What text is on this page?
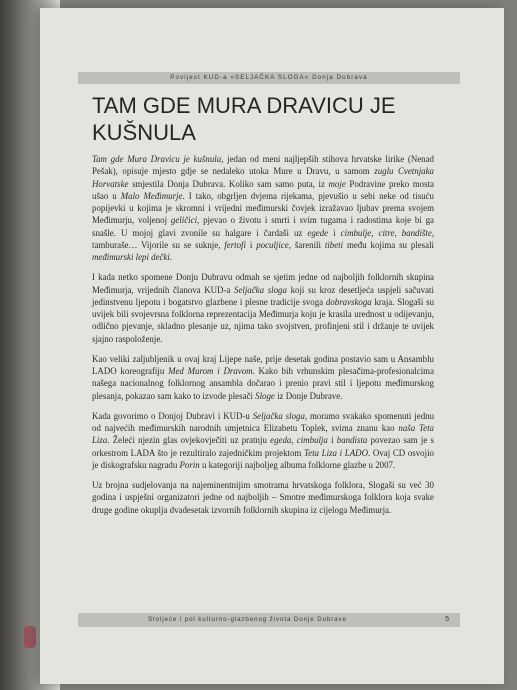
Povijest KUD-a »SELJAČKA SLOGA« Donja Dubrava
TAM GDE MURA DRAVICU JE KUŠNULA

Tam gde Mura Dravicu je kušnula, jedan od meni najljepših stihova hrvatske lirike (Nenad Pešak), opisuje mjesto gdje se nedaleko utoka Mure u Dravu, u samom zuglu Cvetnjaka Horvatske smjestila Donja Dubrava. Koliko sam samo puta, iz moje Podravine preko mosta ušao u Malo Međimurje. I tako, obgrljen dvjema rijekama, pjevušio u sebi neke od tisuću popijevki u kojima je skromni i vrijedni međimurski čovjek izražavao ljubav prema svojem Međimurju, voljenoj geličici, pjevao o životu i smrti i svim tugama i radostima koje bi ga snašle. U mojoj glavi zvonile su halgare i čardaši uz egede i cimbulje, citre, bandište, tamburaše… Vijorile su se suknje, fertofi i poculjice, šarenili tibeti među kojima su plesali međimurski lepi dečki.

I kada netko spomene Donju Dubravu odmah se sjetim jedne od najboljih folklornih skupina Međimurja, vrijednih članova KUD-a Seljačka sloga koji su kroz desetljeća uspjeli sačuvati jedinstvenu ljepotu i bogatstvo glazbene i plesne tradicije svoga dobravskoga kraja. Slogaši su uvijek bili svojevrsna folklorna reprezentacija Međimurja koju je krasila urednost u odijevanju, odlično pjevanje, skladno plesanje uz, njima tako svojstven, profinjeni stil i držanje te uvijek sjajno raspoloženje.

Kao veliki zaljubljenik u ovaj kraj Lijepe naše, prije desetak godina postavio sam u Ansamblu LADO koreografiju Med Murom i Dravom. Kako bih vrhunskim plesačima-profesionalcima našega nacionalnog folklornog ansambla dočarao i prenio pravi stil i ljepotu međimurskog plesanja, pokazao sam kako to izvode plesači Sloge iz Donje Dubrave.

Kada govorimo o Donjoj Dubravi i KUD-u Seljačka sloga, moramo svakako spomenuti jednu od najvećih međimurskih narodnih umjetnica Elizabetu Toplek, svima znanu kao naša Teta Liza. Želeći njezin glas ovjekovječiti uz pratnju egeda, cimbulja i bandista povezao sam je s orkestrom LADA što je rezultiralo zajedničkim projektom Teta Liza i LADO. Ovaj CD osvojio je diskografsku nagradu Porin u kategoriji najboljeg albuma folklorne glazbe u 2007.

Uz brojna sudjelovanja na najeminentnijim smotrama hrvatskoga folklora, Slogaši su već 30 godina i uspješni organizatori jedne od najboljih – Smotre međimurskoga folklora koja svake druge godine okuplja dvadesetak izvornih folklornih skupina iz cijeloga Međimurja.

Stoljeće i pol kulturno-glazbenog života Donje Dubrave	5
